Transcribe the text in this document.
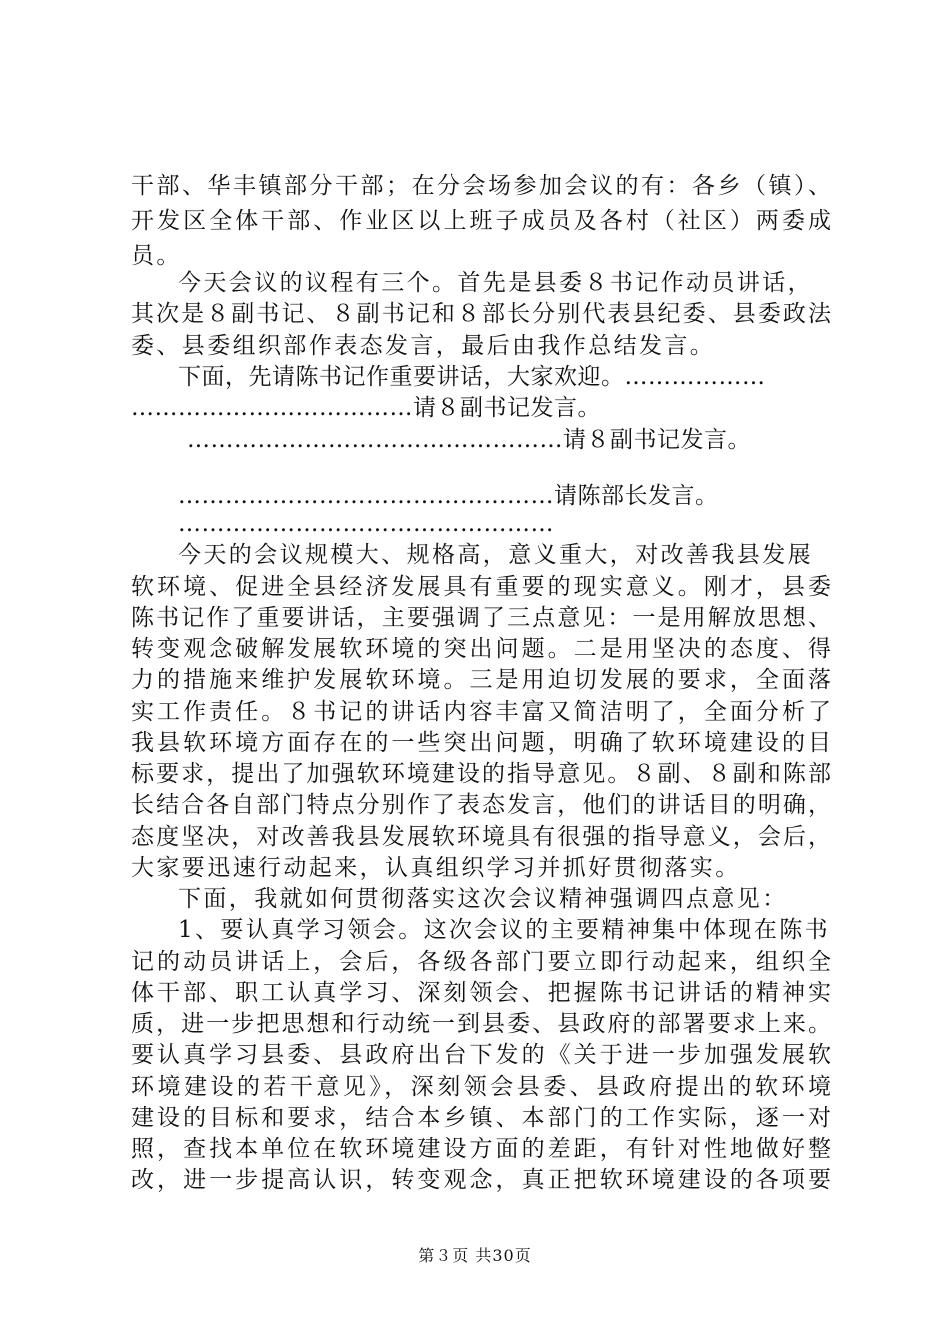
干部、华丰镇部分干部；在分会场参加会议的有：各乡（镇）、
开发区全体干部、作业区以上班子成员及各村（社区）两委成
员。
今天会议的议程有三个。首先是县委８书记作动员讲话，
其次是８副书记、８副书记和８部长分别代表县纪委、县委政法
委、县委组织部作表态发言，最后由我作总结发言。
下面，先请陈书记作重要讲话，大家欢迎。………………
………………………………请８副书记发言。
…………………………………………请８副书记发言。
…………………………………………请陈部长发言。
…………………………………………
今天的会议规模大、规格高，意义重大，对改善我县发展
软环境、促进全县经济发展具有重要的现实意义。刚才，县委
陈书记作了重要讲话，主要强调了三点意见：一是用解放思想、
转变观念破解发展软环境的突出问题。二是用坚决的态度、得
力的措施来维护发展软环境。三是用迫切发展的要求，全面落
实工作责任。８书记的讲话内容丰富又简洁明了，全面分析了
我县软环境方面存在的一些突出问题，明确了软环境建设的目
标要求，提出了加强软环境建设的指导意见。８副、８副和陈部
长结合各自部门特点分别作了表态发言，他们的讲话目的明确，
态度坚决，对改善我县发展软环境具有很强的指导意义，会后，
大家要迅速行动起来，认真组织学习并抓好贯彻落实。
下面，我就如何贯彻落实这次会议精神强调四点意见：
1、要认真学习领会。这次会议的主要精神集中体现在陈书
记的动员讲话上，会后，各级各部门要立即行动起来，组织全
体干部、职工认真学习、深刻领会、把握陈书记讲话的精神实
质，进一步把思想和行动统一到县委、县政府的部署要求上来。
要认真学习县委、县政府出台下发的《关于进一步加强发展软
环境建设的若干意见》，深刻领会县委、县政府提出的软环境
建设的目标和要求，结合本乡镇、本部门的工作实际，逐一对
照，查找本单位在软环境建设方面的差距，有针对性地做好整
改，进一步提高认识，转变观念，真正把软环境建设的各项要
第３页 共30页
